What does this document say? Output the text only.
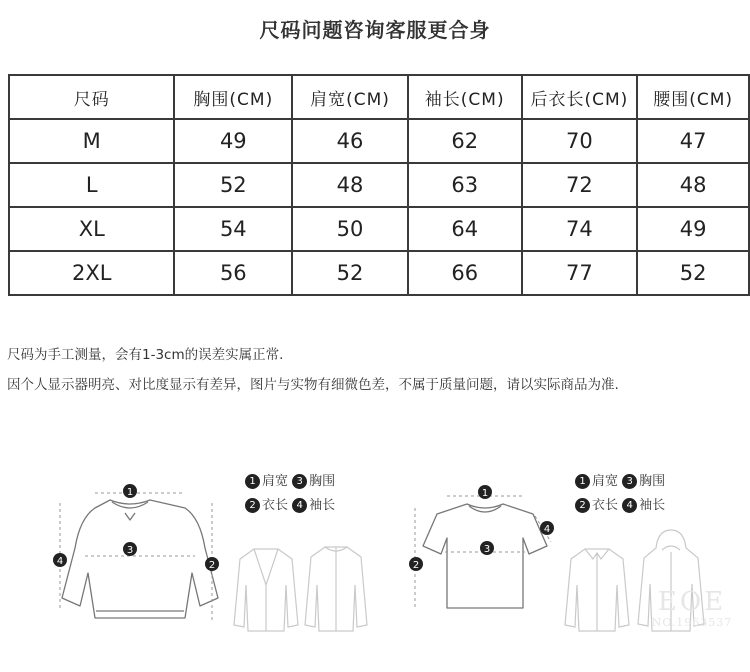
尺码问题咨询客服更合身
尺码	胸围(CM)	肩宽(CM)	袖长(CM)	后衣长(CM)	腰围(CM)
M	49	46	62	70	47
L	52	48	63	72	48
XL	54	50	64	74	49
2XL	56	52	66	77	52
尺码为手工测量，会有1-3cm的误差实属正常.
因个人显示器明亮、对比度显示有差异，图片与实物有细微色差，不属于质量问题，请以实际商品为准.
1
3
2
4
1 肩宽 3 胸围
2 衣长 4 袖长
1
3
2
4
1 肩宽 3 胸围
2 衣长 4 袖长
EOE
NO.1963537
